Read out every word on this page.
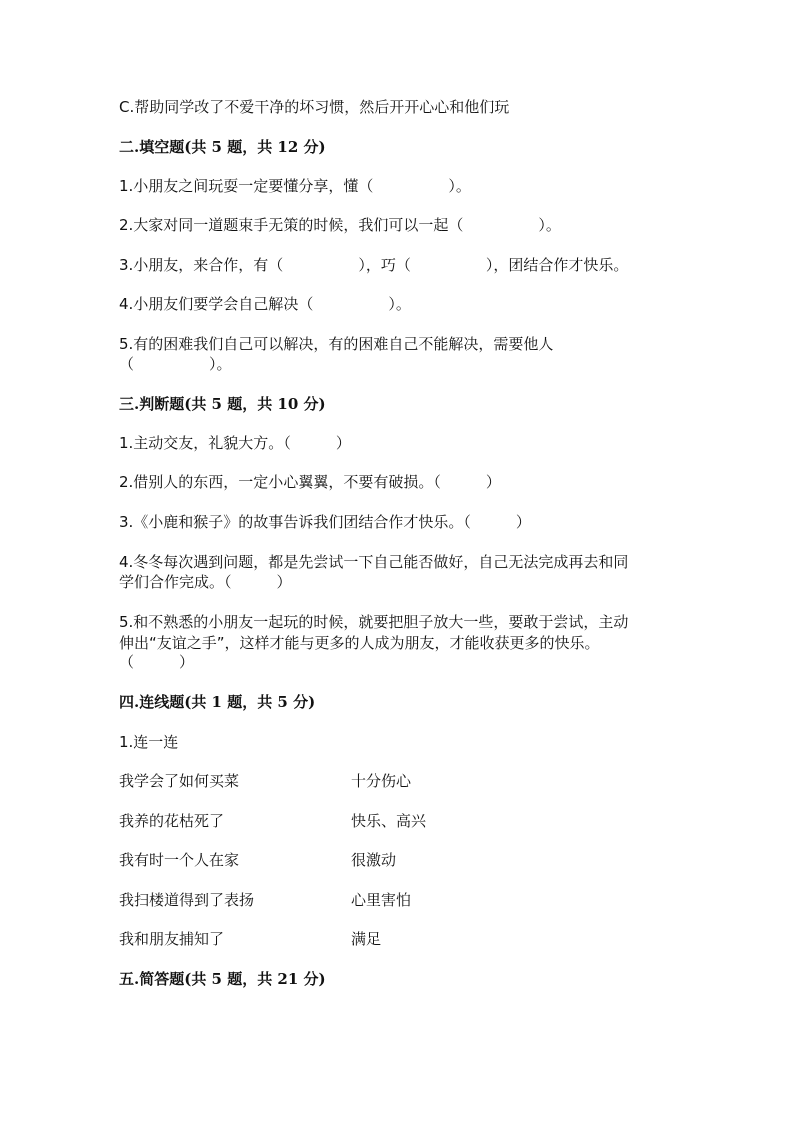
C.帮助同学改了不爱干净的坏习惯，然后开开心心和他们玩
二.填空题(共 5 题，共 12 分)
1.小朋友之间玩耍一定要懂分享，懂（　　　　　）。
2.大家对同一道题束手无策的时候，我们可以一起（　　　　　）。
3.小朋友，来合作，有（　　　　　），巧（　　　　　），团结合作才快乐。
4.小朋友们要学会自己解决（　　　　　）。
5.有的困难我们自己可以解决，有的困难自己不能解决，需要他人
（　　　　　）。
三.判断题(共 5 题，共 10 分)
1.主动交友，礼貌大方。（　　　）
2.借别人的东西，一定小心翼翼，不要有破损。（　　　）
3.《小鹿和猴子》的故事告诉我们团结合作才快乐。（　　　）
4.冬冬每次遇到问题，都是先尝试一下自己能否做好，自己无法完成再去和同
学们合作完成。（　　　）
5.和不熟悉的小朋友一起玩的时候，就要把胆子放大一些，要敢于尝试，主动
伸出“友谊之手”，这样才能与更多的人成为朋友，才能收获更多的快乐。
（　　　）
四.连线题(共 1 题，共 5 分)
1.连一连
我学会了如何买菜	十分伤心
我养的花枯死了	快乐、高兴
我有时一个人在家	很激动
我扫楼道得到了表扬	心里害怕
我和朋友捕知了	满足
五.简答题(共 5 题，共 21 分)
